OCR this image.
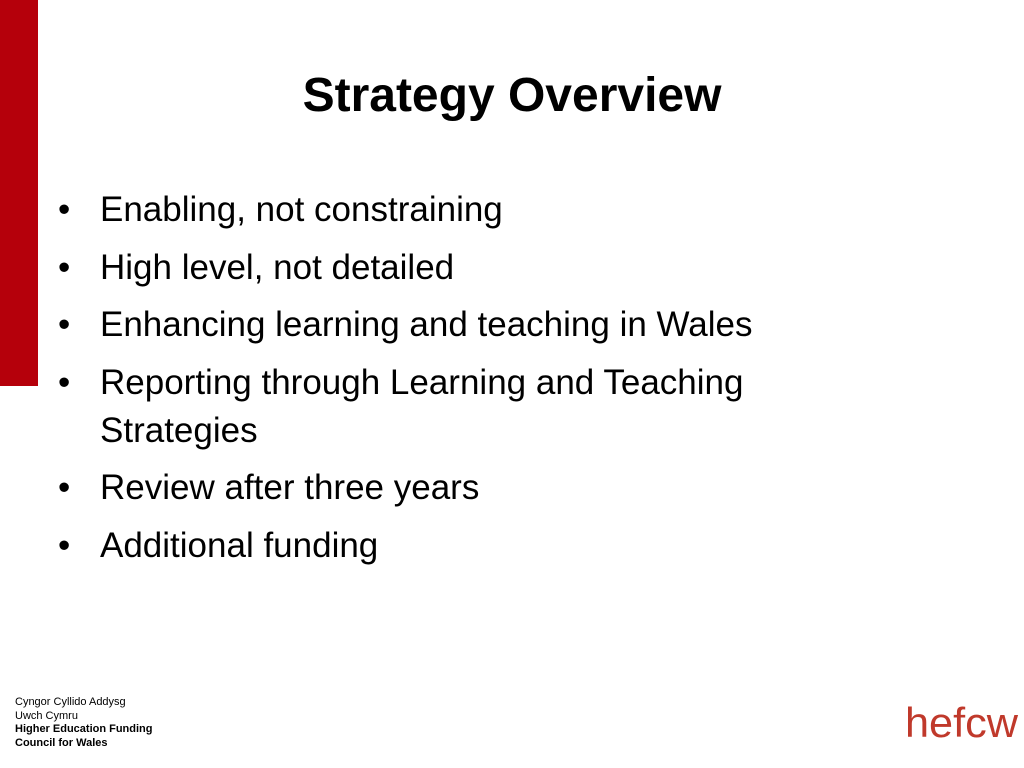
Strategy Overview
• Enabling, not constraining
• High level, not detailed
• Enhancing learning and teaching in Wales
• Reporting through Learning and Teaching Strategies
• Review after three years
• Additional funding
Cyngor Cyllido Addysg
Uwch Cymru
Higher Education Funding
Council for Wales	hefcw
